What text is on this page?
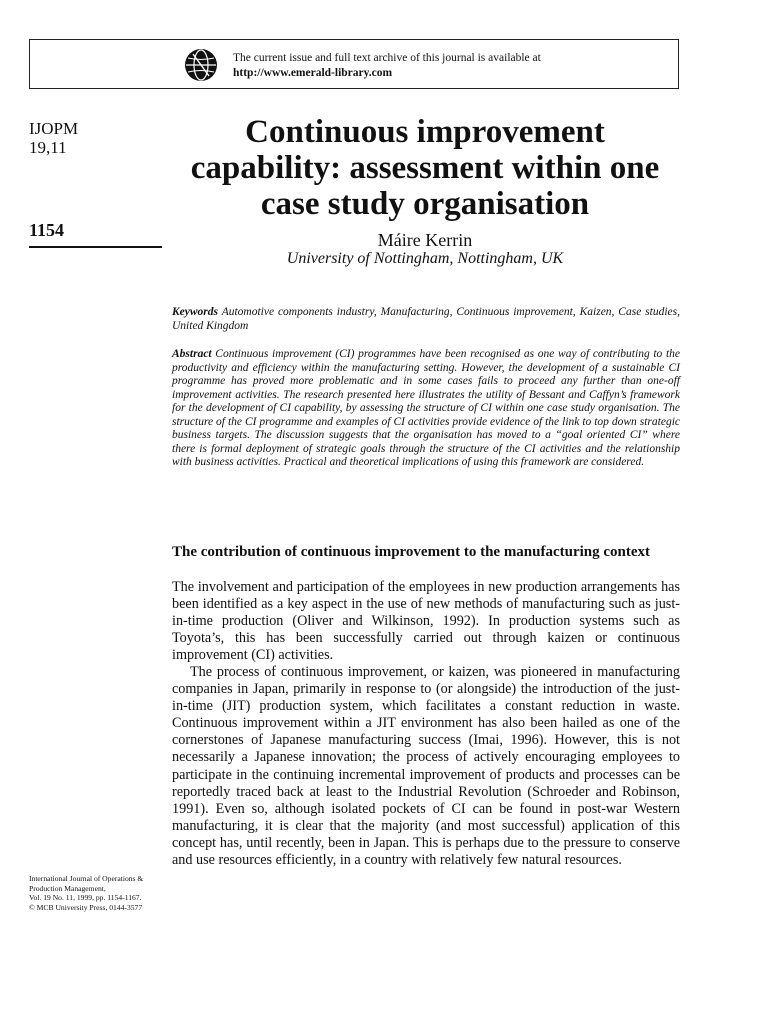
The current issue and full text archive of this journal is available at
http://www.emerald-library.com
IJOPM
19,11
1154
Continuous improvement capability: assessment within one case study organisation
Máire Kerrin
University of Nottingham, Nottingham, UK
Keywords Automotive components industry, Manufacturing, Continuous improvement, Kaizen, Case studies, United Kingdom
Abstract Continuous improvement (CI) programmes have been recognised as one way of contributing to the productivity and efficiency within the manufacturing setting. However, the development of a sustainable CI programme has proved more problematic and in some cases fails to proceed any further than one-off improvement activities. The research presented here illustrates the utility of Bessant and Caffyn’s framework for the development of CI capability, by assessing the structure of CI within one case study organisation. The structure of the CI programme and examples of CI activities provide evidence of the link to top down strategic business targets. The discussion suggests that the organisation has moved to a “goal oriented CI” where there is formal deployment of strategic goals through the structure of the CI activities and the relationship with business activities. Practical and theoretical implications of using this framework are considered.
The contribution of continuous improvement to the manufacturing context

The involvement and participation of the employees in new production arrangements has been identified as a key aspect in the use of new methods of manufacturing such as just-in-time production (Oliver and Wilkinson, 1992). In production systems such as Toyota’s, this has been successfully carried out through kaizen or continuous improvement (CI) activities.

The process of continuous improvement, or kaizen, was pioneered in manufacturing companies in Japan, primarily in response to (or alongside) the introduction of the just-in-time (JIT) production system, which facilitates a constant reduction in waste. Continuous improvement within a JIT environment has also been hailed as one of the cornerstones of Japanese manufacturing success (Imai, 1996). However, this is not necessarily a Japanese innovation; the process of actively encouraging employees to participate in the continuing incremental improvement of products and processes can be reportedly traced back at least to the Industrial Revolution (Schroeder and Robinson, 1991). Even so, although isolated pockets of CI can be found in post-war Western manufacturing, it is clear that the majority (and most successful) application of this concept has, until recently, been in Japan. This is perhaps due to the pressure to conserve and use resources efficiently, in a country with relatively few natural resources.

International Journal of Operations & Production Management,
Vol. 19 No. 11, 1999, pp. 1154-1167.
© MCB University Press, 0144-3577
